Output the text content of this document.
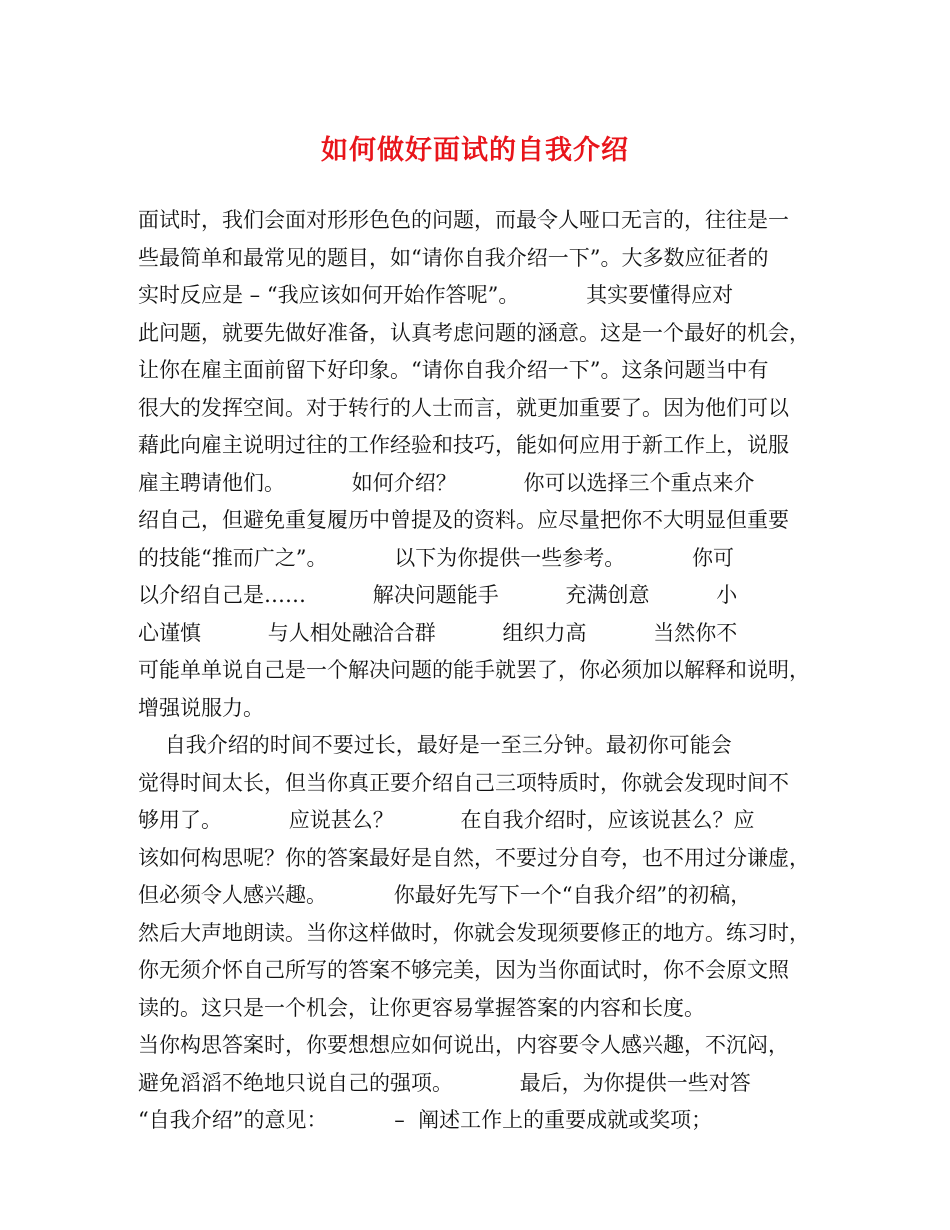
如何做好面试的自我介绍
面试时，我们会面对形形色色的问题，而最令人哑口无言的，往往是一
些最简单和最常见的题目，如“请你自我介绍一下”。大多数应征者的
实时反应是 – “我应该如何开始作答呢”。          其实要懂得应对
此问题，就要先做好准备，认真考虑问题的涵意。这是一个最好的机会，
让你在雇主面前留下好印象。“请你自我介绍一下”。这条问题当中有
很大的发挥空间。对于转行的人士而言，就更加重要了。因为他们可以
藉此向雇主说明过往的工作经验和技巧，能如何应用于新工作上，说服
雇主聘请他们。          如何介绍？          你可以选择三个重点来介
绍自己，但避免重复履历中曾提及的资料。应尽量把你不大明显但重要
的技能“推而广之”。          以下为你提供一些参考。          你可
以介绍自己是……          解决问题能手          充满创意          小
心谨慎          与人相处融洽合群          组织力高          当然你不
可能单单说自己是一个解决问题的能手就罢了，你必须加以解释和说明，
增强说服力。
自我介绍的时间不要过长，最好是一至三分钟。最初你可能会
觉得时间太长，但当你真正要介绍自己三项特质时，你就会发现时间不
够用了。          应说甚么？          在自我介绍时，应该说甚么？应
该如何构思呢？你的答案最好是自然，不要过分自夸，也不用过分谦虚，
但必须令人感兴趣。          你最好先写下一个“自我介绍”的初稿，
然后大声地朗读。当你这样做时，你就会发现须要修正的地方。练习时，
你无须介怀自己所写的答案不够完美，因为当你面试时，你不会原文照
读的。这只是一个机会，让你更容易掌握答案的内容和长度。
当你构思答案时，你要想想应如何说出，内容要令人感兴趣，不沉闷，
避免滔滔不绝地只说自己的强项。          最后，为你提供一些对答
“自我介绍”的意见：          –  阐述工作上的重要成就或奖项；
